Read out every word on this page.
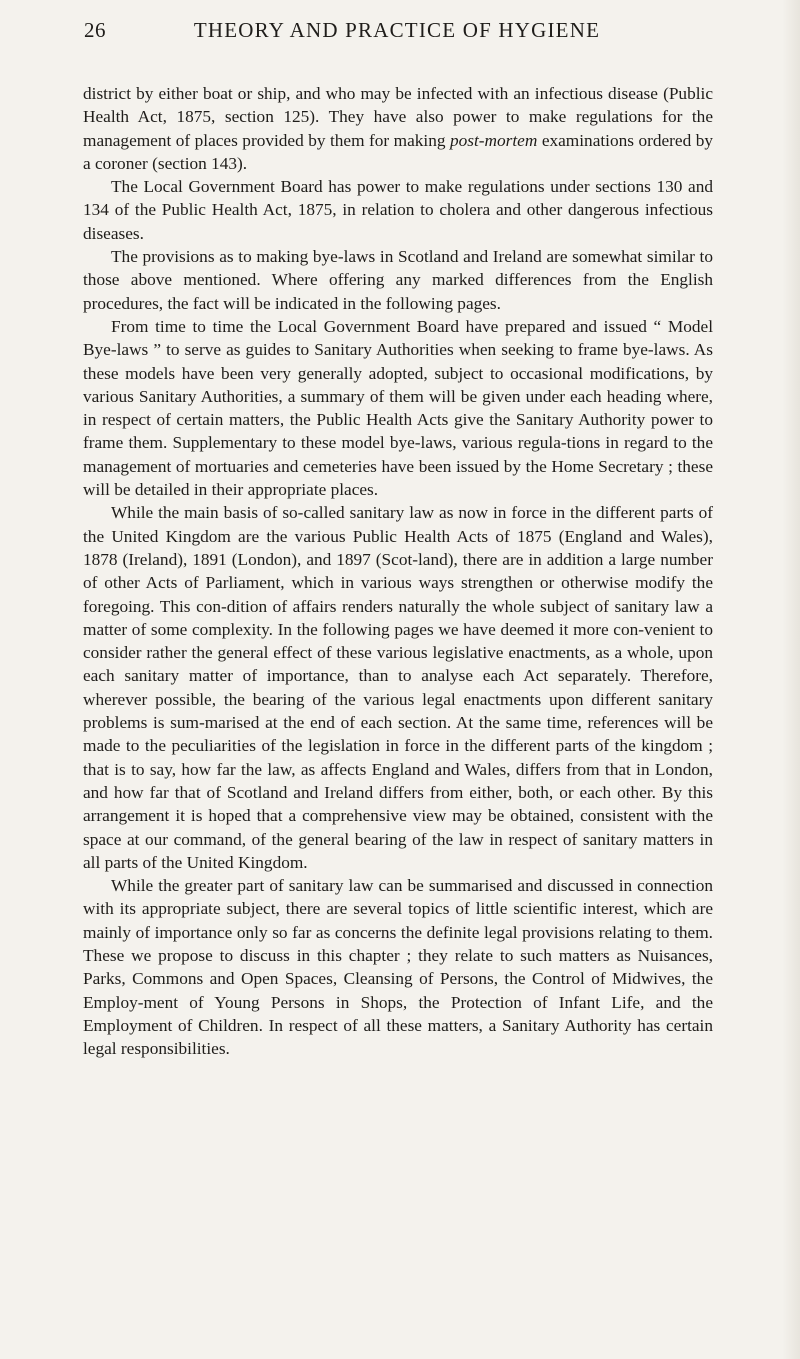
26	THEORY AND PRACTICE OF HYGIENE

district by either boat or ship, and who may be infected with an infectious disease (Public Health Act, 1875, section 125). They have also power to make regulations for the management of places provided by them for making post-mortem examinations ordered by a coroner (section 143).

The Local Government Board has power to make regulations under sections 130 and 134 of the Public Health Act, 1875, in relation to cholera and other dangerous infectious diseases.

The provisions as to making bye-laws in Scotland and Ireland are somewhat similar to those above mentioned. Where offering any marked differences from the English procedures, the fact will be indicated in the following pages.

From time to time the Local Government Board have prepared and issued “ Model Bye-laws ” to serve as guides to Sanitary Authorities when seeking to frame bye-laws. As these models have been very generally adopted, subject to occasional modifications, by various Sanitary Authorities, a summary of them will be given under each heading where, in respect of certain matters, the Public Health Acts give the Sanitary Authority power to frame them. Supplementary to these model bye-laws, various regula-tions in regard to the management of mortuaries and cemeteries have been issued by the Home Secretary ; these will be detailed in their appropriate places.

While the main basis of so-called sanitary law as now in force in the different parts of the United Kingdom are the various Public Health Acts of 1875 (England and Wales), 1878 (Ireland), 1891 (London), and 1897 (Scot-land), there are in addition a large number of other Acts of Parliament, which in various ways strengthen or otherwise modify the foregoing. This con-dition of affairs renders naturally the whole subject of sanitary law a matter of some complexity. In the following pages we have deemed it more con-venient to consider rather the general effect of these various legislative enactments, as a whole, upon each sanitary matter of importance, than to analyse each Act separately. Therefore, wherever possible, the bearing of the various legal enactments upon different sanitary problems is sum-marised at the end of each section. At the same time, references will be made to the peculiarities of the legislation in force in the different parts of the kingdom ; that is to say, how far the law, as affects England and Wales, differs from that in London, and how far that of Scotland and Ireland differs from either, both, or each other. By this arrangement it is hoped that a comprehensive view may be obtained, consistent with the space at our command, of the general bearing of the law in respect of sanitary matters in all parts of the United Kingdom.

While the greater part of sanitary law can be summarised and discussed in connection with its appropriate subject, there are several topics of little scientific interest, which are mainly of importance only so far as concerns the definite legal provisions relating to them. These we propose to discuss in this chapter ; they relate to such matters as Nuisances, Parks, Commons and Open Spaces, Cleansing of Persons, the Control of Midwives, the Employ-ment of Young Persons in Shops, the Protection of Infant Life, and the Employment of Children. In respect of all these matters, a Sanitary Authority has certain legal responsibilities.
